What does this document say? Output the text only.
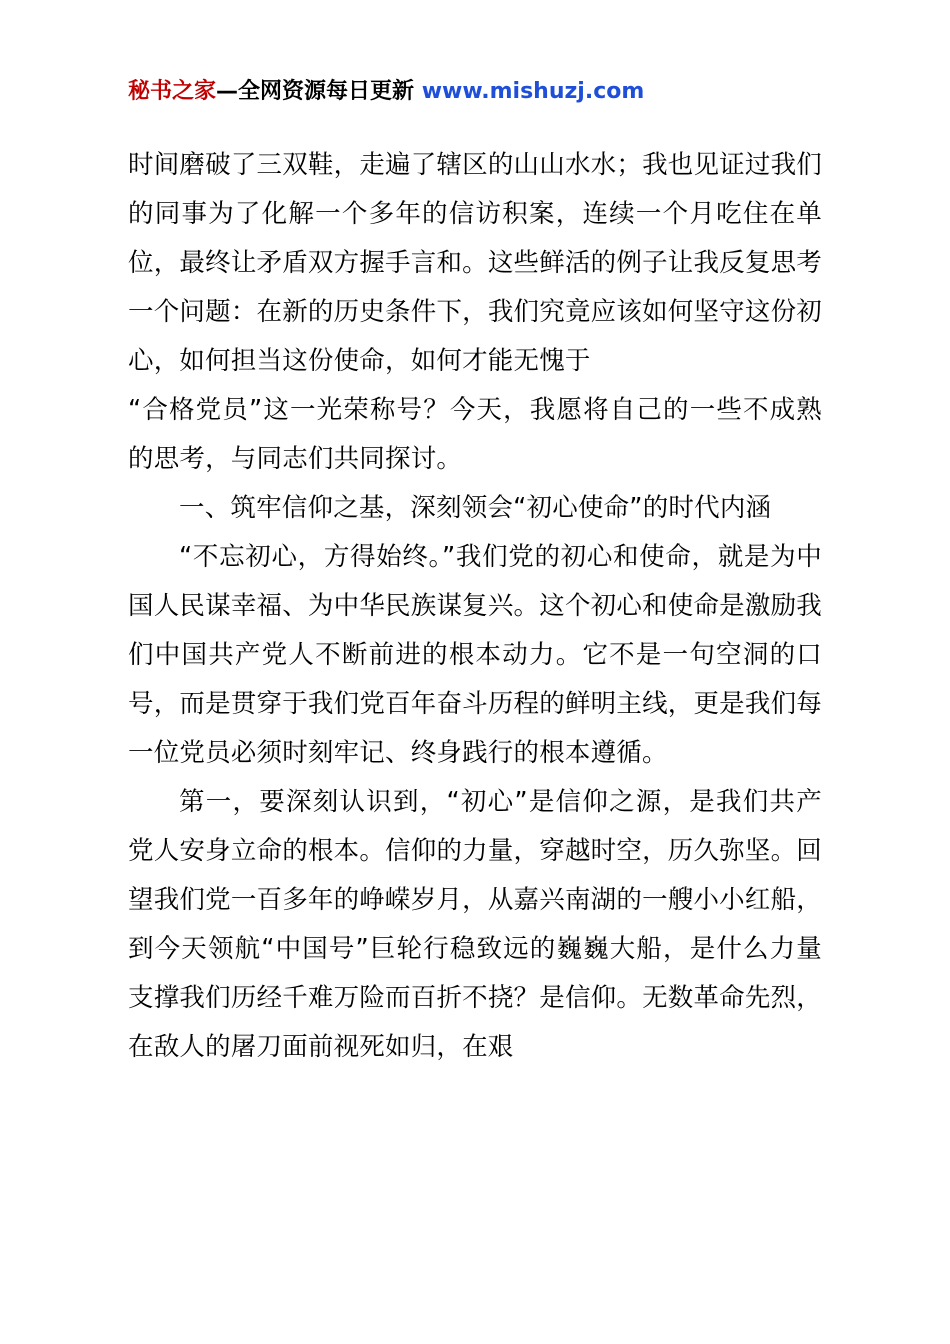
秘书之家—全网资源每日更新 www.mishuzj.com

时间磨破了三双鞋，走遍了辖区的山山水水；我也见证过我们的同事为了化解一个多年的信访积案，连续一个月吃住在单位，最终让矛盾双方握手言和。这些鲜活的例子让我反复思考一个问题：在新的历史条件下，我们究竟应该如何坚守这份初心，如何担当这份使命，如何才能无愧于

“合格党员”这一光荣称号？今天，我愿将自己的一些不成熟的思考，与同志们共同探讨。

一、筑牢信仰之基，深刻领会“初心使命”的时代内涵

“不忘初心，方得始终。”我们党的初心和使命，就是为中国人民谋幸福、为中华民族谋复兴。这个初心和使命是激励我们中国共产党人不断前进的根本动力。它不是一句空洞的口号，而是贯穿于我们党百年奋斗历程的鲜明主线，更是我们每一位党员必须时刻牢记、终身践行的根本遵循。

第一，要深刻认识到，“初心”是信仰之源，是我们共产党人安身立命的根本。信仰的力量，穿越时空，历久弥坚。回望我们党一百多年的峥嵘岁月，从嘉兴南湖的一艘小小红船，到今天领航“中国号”巨轮行稳致远的巍巍大船，是什么力量支撑我们历经千难万险而百折不挠？是信仰。无数革命先烈，在敌人的屠刀面前视死如归，在艰
